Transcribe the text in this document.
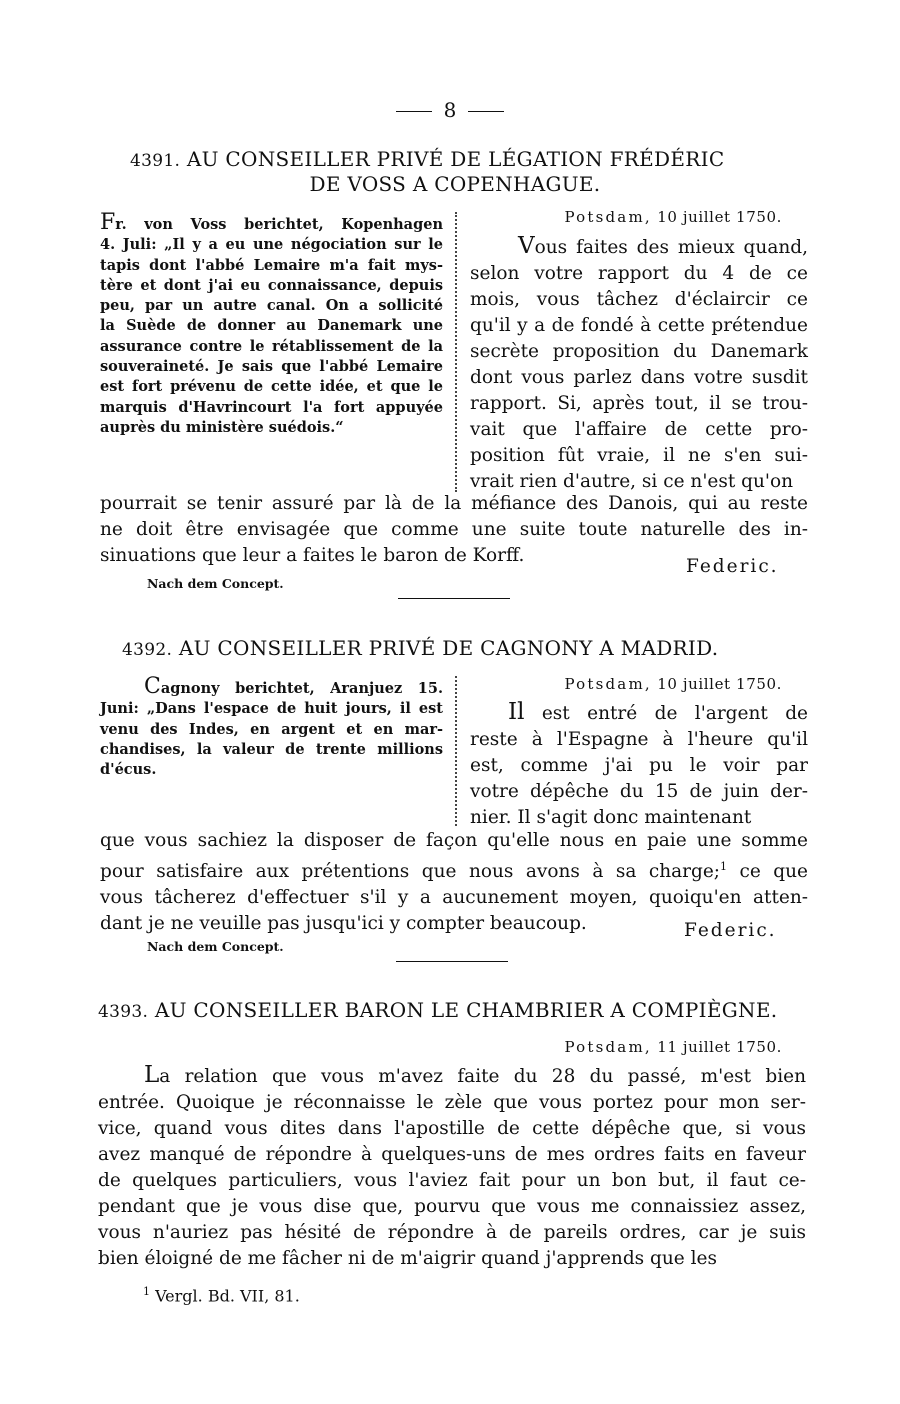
8
4391. AU CONSEILLER PRIVÉ DE LÉGATION FRÉDÉRIC
DE VOSS A COPENHAGUE.
Fr. von Voss berichtet, Kopenhagen
4. Juli: „Il y a eu une négociation sur le
tapis dont l'abbé Lemaire m'a fait mys-
tère et dont j'ai eu connaissance, depuis
peu, par un autre canal. On a sollicité
la Suède de donner au Danemark une
assurance contre le rétablissement de la
souveraineté. Je sais que l'abbé Lemaire
est fort prévenu de cette idée, et que le
marquis d'Havrincourt l'a fort appuyée
auprès du ministère suédois.“
Potsdam, 10 juillet 1750.
Vous faites des mieux quand,
selon votre rapport du 4 de ce
mois, vous tâchez d'éclaircir ce
qu'il y a de fondé à cette prétendue
secrète proposition du Danemark
dont vous parlez dans votre susdit
rapport. Si, après tout, il se trou-
vait que l'affaire de cette pro-
position fût vraie, il ne s'en sui-
vrait rien d'autre, si ce n'est qu'on
pourrait se tenir assuré par là de la méfiance des Danois, qui au reste
ne doit être envisagée que comme une suite toute naturelle des in-
sinuations que leur a faites le baron de Korff.
Federic.
Nach dem Concept.
4392. AU CONSEILLER PRIVÉ DE CAGNONY A MADRID.
Cagnony berichtet, Aranjuez 15.
Juni: „Dans l'espace de huit jours, il est
venu des Indes, en argent et en mar-
chandises, la valeur de trente millions
d'écus.
Potsdam, 10 juillet 1750.
Il est entré de l'argent de
reste à l'Espagne à l'heure qu'il
est, comme j'ai pu le voir par
votre dépêche du 15 de juin der-
nier. Il s'agit donc maintenant
que vous sachiez la disposer de façon qu'elle nous en paie une somme
pour satisfaire aux prétentions que nous avons à sa charge;$^1$ ce que
vous tâcherez d'effectuer s'il y a aucunement moyen, quoiqu'en atten-
dant je ne veuille pas jusqu'ici y compter beaucoup.	Federic.
Nach dem Concept.
4393. AU CONSEILLER BARON LE CHAMBRIER A COMPIÈGNE.
Potsdam, 11 juillet 1750.
La relation que vous m'avez faite du 28 du passé, m'est bien
entrée. Quoique je réconnaisse le zèle que vous portez pour mon ser-
vice, quand vous dites dans l'apostille de cette dépêche que, si vous
avez manqué de répondre à quelques-uns de mes ordres faits en faveur
de quelques particuliers, vous l'aviez fait pour un bon but, il faut ce-
pendant que je vous dise que, pourvu que vous me connaissiez assez,
vous n'auriez pas hésité de répondre à de pareils ordres, car je suis
bien éloigné de me fâcher ni de m'aigrir quand j'apprends que les
$^1$ Vergl. Bd. VII, 81.
